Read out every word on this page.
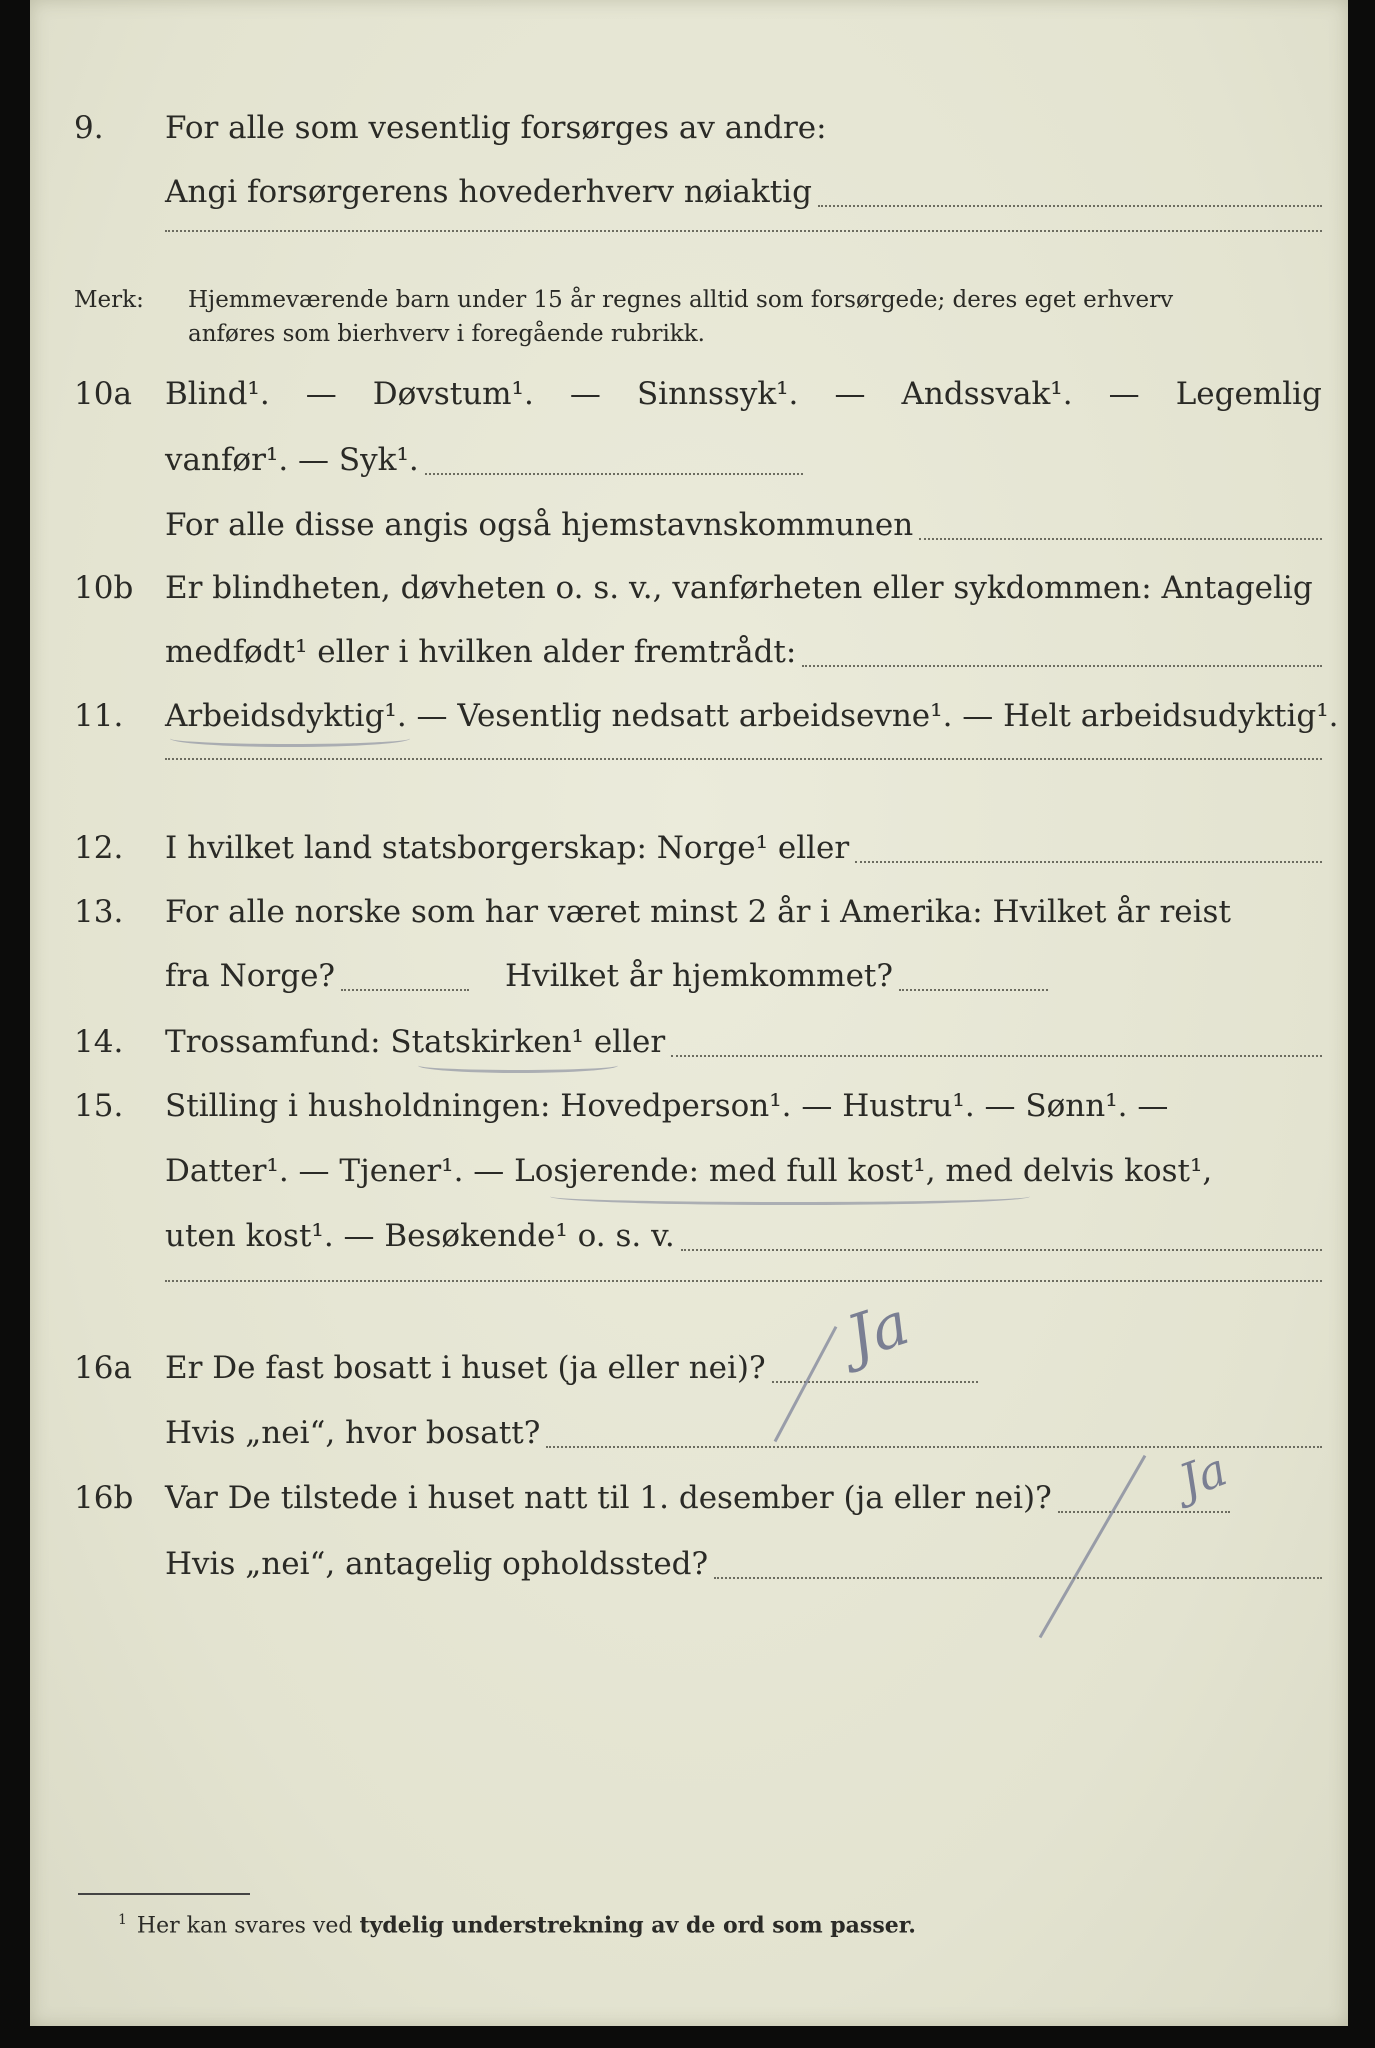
9.	For alle som vesentlig forsørges av andre:
Angi forsørgerens hovederhverv nøiaktig
Merk:	Hjemmeværende barn under 15 år regnes alltid som forsørgede; deres eget erhverv
anføres som bierhverv i foregående rubrikk.
10a	Blind¹. — Døvstum¹. — Sinnssyk¹. — Andssvak¹. — Legemlig
vanfør¹. — Syk¹.
For alle disse angis også hjemstavnskommunen
10b	Er blindheten, døvheten o. s. v., vanførheten eller sykdommen: Antagelig
medfødt¹ eller i hvilken alder fremtrådt:
11.	Arbeidsdyktig¹. — Vesentlig nedsatt arbeidsevne¹. — Helt arbeidsudyktig¹.
12.	I hvilket land statsborgerskap: Norge¹ eller
13.	For alle norske som har været minst 2 år i Amerika: Hvilket år reist
fra Norge?	Hvilket år hjemkommet?
14.	Trossamfund: Statskirken¹ eller
15.	Stilling i husholdningen: Hovedperson¹. — Hustru¹. — Sønn¹. —
Datter¹. — Tjener¹. — Losjerende: med full kost¹, med delvis kost¹,
uten kost¹. — Besøkende¹ o. s. v.
16a	Er De fast bosatt i huset (ja eller nei)? Ja
Hvis „nei“, hvor bosatt?
16b	Var De tilstede i huset natt til 1. desember (ja eller nei)?	Ja
Hvis „nei“, antagelig opholdssted?
$^1$ Her kan svares ved tydelig understrekning av de ord som passer.
